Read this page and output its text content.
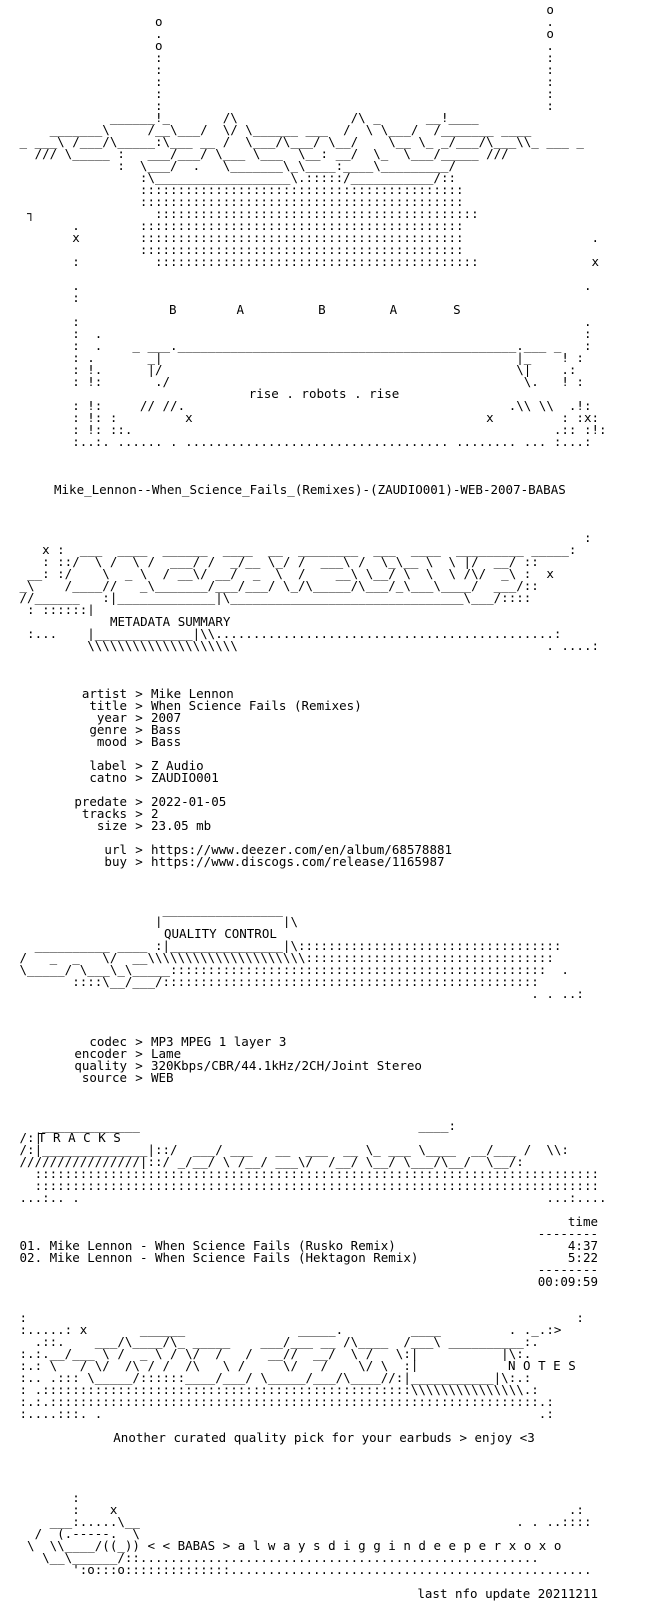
o
o                                                   .
.                                                   o
o                                                   .
:                                                   :
:                                                   :
:                                                   :
:                                                   :
:                                                   :
______!_       /\               /\ _      __!____
_______\     /__\___/  \/ \______ ___  /  \ \___/  /_______ ____
_ ___\ /___/\_____:\___ __ /  \___/\___/ \__/    \__ \_ _/___/\___\\_ ___ _
/// \_____ :   ___/___/ \___ \___  \__: __/  \_  \___/_____ ///
:  \___/  .   \_______\_\____:____\_________/
:\__________________\.:::::/___________/::
:::::::::::::::::::::::::::::::::::::::::::
:::::::::::::::::::::::::::::::::::::::::::
┐                :::::::::::::::::::::::::::::::::::::::::::
.        :::::::::::::::::::::::::::::::::::::::::::
x        :::::::::::::::::::::::::::::::::::::::::::                 .
:::::::::::::::::::::::::::::::::::::::::::
:     _ ___:::::::::::::::::::::::::::::::::::::::::::___ _          x
.                                                                   .
:
B	A	B	A	S
:                                                                   .
:  .                                                                :
:  .    _ ___._____________________________________________.___ _   :
: .       _|                                               |_    ! :
: !.      |/                                               \|    .:
: !:     __./                                               \.__ ! :
rise . robots . rise
: !:     // //.                                           .\\ \\  .!:
: !: :         x                                       x         : :x:
: !: ::.                                                        .:: :!:
:..:. ...... . ................................... ........ ... :...:
Mike_Lennon--When_Science_Fails_(Remixes)-(ZAUDIO001)-WEB-2007-BABAS
:
x :  ___  ____  ______  ____  __  ________  ___  ____  _________ _____:
: ::/  \ /  \ /  ___/ /  _/__ \_/ /  ___\ /  \_\__ \  \ |/  __/ ::
__: :/    \  _ \  / __\/ __/  _  \  /    __\ \__/ \  \  \ /\/  _\ :  x
_\    /____//   _\_______/___/___/ \_/\_____/\___/_\___\____/  ___/::
//______   :|_____________|\_______________________________\___/::::
: ::::::|
METADATA SUMMARY
:...    |_____________|\\.............................................:
\\\\\\\\\\\\\\\\\\\\                                         . ....:
artist > Mike Lennon
title > When Science Fails (Remixes)
year > 2007
genre > Bass
mood > Bass
label > Z Audio
catno > ZAUDIO001
predate > 2022-01-05
tracks > 2
size > 23.05 mb
url > https://www.deezer.com/en/album/68578881
buy > https://www.discogs.com/release/1165987
________________
|                |\
QUALITY CONTROL
__________ ____ :|_______________|\:::::::::::::::::::::::::::::::::::
/   _  _   \/  __\\\\\\\\\\\\\\\\\\\\\:::::::::::::::::::::::::::::::::
\_____/ \___\_\_____::::::::::::::::::::::::::::::::::::::::::::::::::  .
::::\__/___/::::::::::::::::::::::::::::::::::::::::::::::::::
. . ..:
codec > MP3 MPEG 1 layer 3
encoder > Lame
quality > 320Kbps/CBR/44.1kHz/2CH/Joint Stereo
source > WEB
_____________                                     ____:
/:|
T R A C K S
/:|______________|::/  ___/ ___   __  ___  __ \_ ___ \____  __/___ /  \\:
////////////////|::/ _/__/ \ /__/ ___\/  /__/ \__/ \___/\__/  \__/:
:::::::::::::::::::::::::::::::::::::::::::::::::::::::::::::::::::::::::::
:::::::::::::::::::::::::::::::::::::::::::::::::::::::::::::::::::::::::::
...:.. .                                                              ...:....
time
--------
01. Mike Lennon - When Science Fails (Rusko Remix)	4:37
02. Mike Lennon - When Science Fails (Hektagon Remix)	5:22
--------
00:09:59
:                                                                         :
:.....: x       ______               _____.         ____         . ._.:>
.::.    ___/\____/\_ _____    ___/___ __ /\____  /___\ __________:.
:.:.__/___ \ /  _ \ / \/  /   /  __//  __/  \ /   \:|           |\:.
:.: \___/ \/  /\_/ / _/\___\ /___  \/ __/__  \/ \__:|	N O T E S
:.. .::: \_____/::::::____/___/ \_____/___/\____//:|___________|\:.:
: .:::::::::::::::::::::::::::::::::::::::::::::::::\\\\\\\\\\\\\\\.:
:.:.:::::::::::::::::::::::::::::::::::::::::::::::::::::::::::::::::.:
:....:::. .                                                          .:
Another curated quality pick for your earbuds > enjoy <3
:
:    x                                                            .:
___:.....\__                                                  . . ..::::
/  (.-----.  \
\  \\____/((_)) < < BABAS > a l w a y s d i g g i n d e e p e r x o x o
\__\______/::.....................................................
':o:::o::::::::::::::................................................
last nfo update 20211211
